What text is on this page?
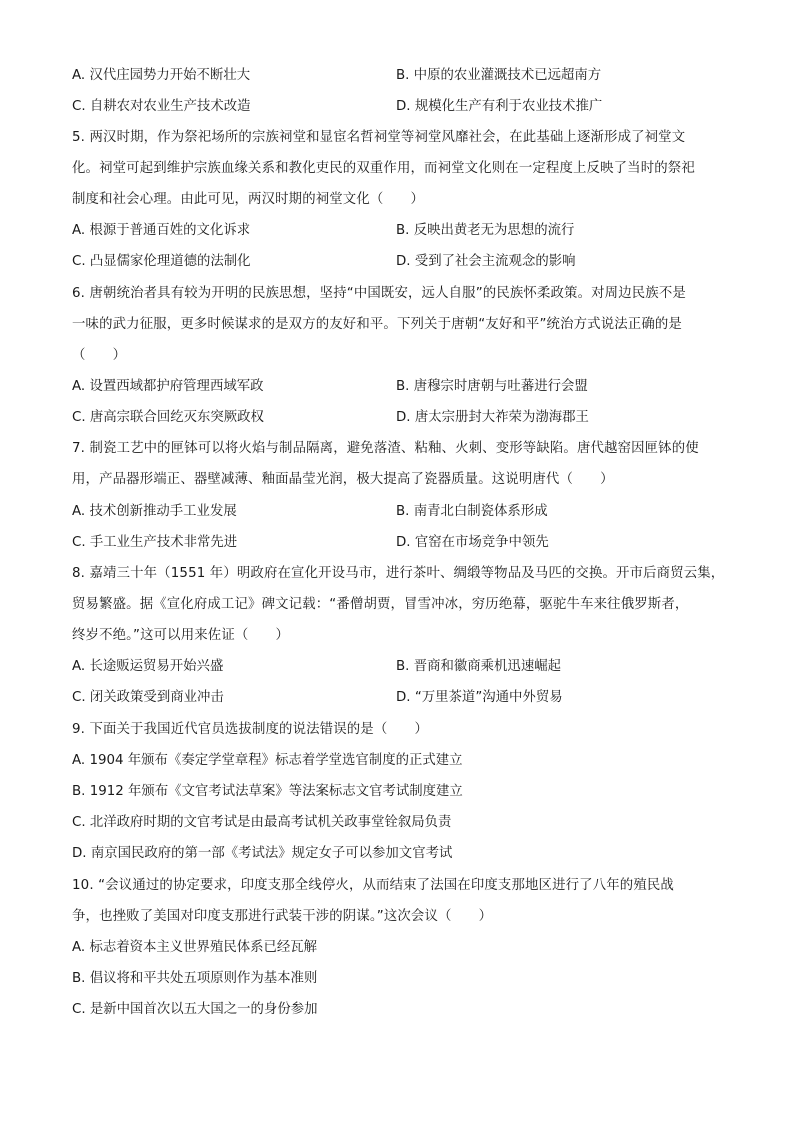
A. 汉代庄园势力开始不断壮大	B. 中原的农业灌溉技术已远超南方
C. 自耕农对农业生产技术改造	D. 规模化生产有利于农业技术推广
5. 两汉时期，作为祭祀场所的宗族祠堂和显宦名哲祠堂等祠堂风靡社会，在此基础上逐渐形成了祠堂文
化。祠堂可起到维护宗族血缘关系和教化吏民的双重作用，而祠堂文化则在一定程度上反映了当时的祭祀
制度和社会心理。由此可见，两汉时期的祠堂文化（　　）
A. 根源于普通百姓的文化诉求	B. 反映出黄老无为思想的流行
C. 凸显儒家伦理道德的法制化	D. 受到了社会主流观念的影响
6. 唐朝统治者具有较为开明的民族思想，坚持“中国既安，远人自服”的民族怀柔政策。对周边民族不是
一味的武力征服，更多时候谋求的是双方的友好和平。下列关于唐朝“友好和平”统治方式说法正确的是
（　　）
A. 设置西域都护府管理西域军政	B. 唐穆宗时唐朝与吐蕃进行会盟
C. 唐高宗联合回纥灭东突厥政权	D. 唐太宗册封大祚荣为渤海郡王
7. 制瓷工艺中的匣钵可以将火焰与制品隔离，避免落渣、粘釉、火刺、变形等缺陷。唐代越窑因匣钵的使
用，产品器形端正、器壁减薄、釉面晶莹光润，极大提高了瓷器质量。这说明唐代（　　）
A. 技术创新推动手工业发展	B. 南青北白制瓷体系形成
C. 手工业生产技术非常先进	D. 官窑在市场竞争中领先
8. 嘉靖三十年（1551 年）明政府在宣化开设马市，进行茶叶、绸缎等物品及马匹的交换。开市后商贸云集，
贸易繁盛。据《宣化府成工记》碑文记载：“番僧胡贾，冒雪冲冰，穷历绝幕，驱驼牛车来往俄罗斯者，
终岁不绝。”这可以用来佐证（　　）
A. 长途贩运贸易开始兴盛	B. 晋商和徽商乘机迅速崛起
C. 闭关政策受到商业冲击	D. “万里茶道”沟通中外贸易
9. 下面关于我国近代官员选拔制度的说法错误的是（　　）
A. 1904 年颁布《奏定学堂章程》标志着学堂选官制度的正式建立
B. 1912 年颁布《文官考试法草案》等法案标志文官考试制度建立
C. 北洋政府时期的文官考试是由最高考试机关政事堂铨叙局负责
D. 南京国民政府的第一部《考试法》规定女子可以参加文官考试
10. “会议通过的协定要求，印度支那全线停火，从而结束了法国在印度支那地区进行了八年的殖民战
争，也挫败了美国对印度支那进行武装干涉的阴谋。”这次会议（　　）
A. 标志着资本主义世界殖民体系已经瓦解
B. 倡议将和平共处五项原则作为基本准则
C. 是新中国首次以五大国之一的身份参加
